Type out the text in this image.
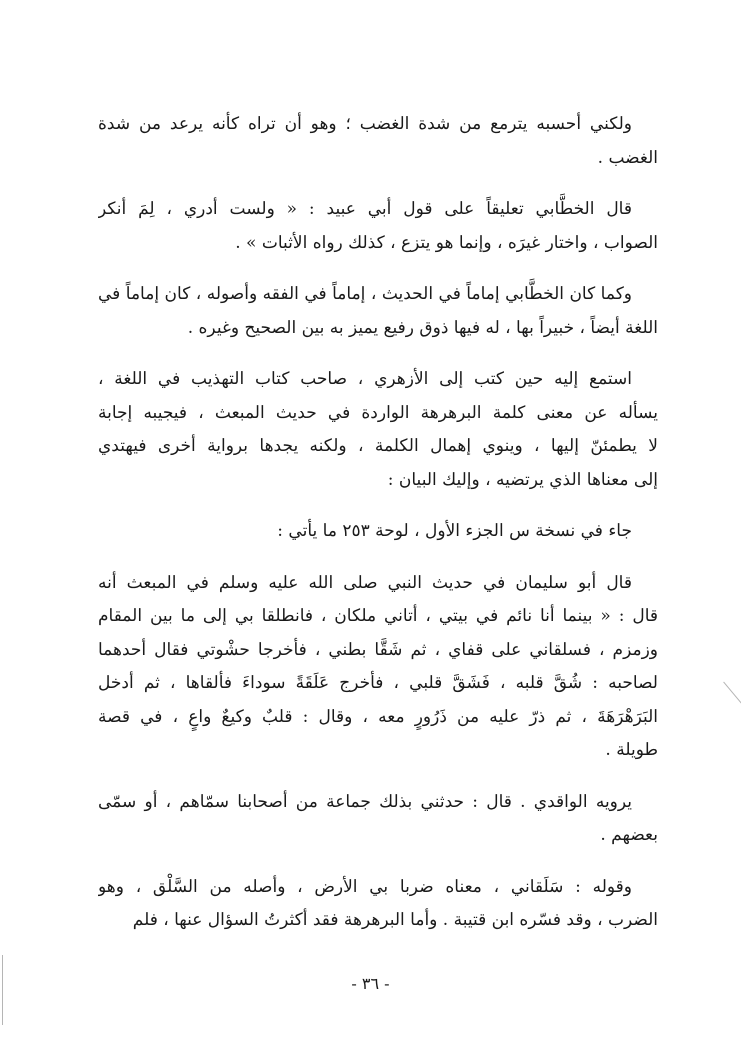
ولكني أحسبه يترمع من شدة الغضب ؛ وهو أن تراه كأنه يرعد من شدة
الغضب .
قال الخطَّابي تعليقاً على قول أبي عبيد : « ولست أدري ، لِمَ أنكر
الصواب ، واختار غيرَه ، وإنما هو يتزع ، كذلك رواه الأثبات » .
وكما كان الخطَّابي إماماً في الحديث ، إماماً في الفقه وأصوله ، كان إماماً في
اللغة أيضاً ، خبيراً بها ، له فيها ذوق رفيع يميز به بين الصحيح وغيره .
استمع إليه حين كتب إلى الأزهري ، صاحب كتاب التهذيب في اللغة ،
يسأله عن معنى كلمة البرهرهة الواردة في حديث المبعث ، فيجيبه إجابة
لا يطمئنّ إليها ، وينوي إهمال الكلمة ، ولكنه يجدها برواية أخرى فيهتدي
إلى معناها الذي يرتضيه ، وإليك البيان :
جاء في نسخة س الجزء الأول ، لوحة ٢٥٣ ما يأتي :
قال أبو سليمان في حديث النبي صلى الله عليه وسلم في المبعث أنه
قال : « بينما أنا نائم في بيتي ، أتاني ملكان ، فانطلقا بي إلى ما بين المقام
وزمزم ، فسلقاني على قفاي ، ثم شَقَّا بطني ، فأخرجا حشْوتي فقال أحدهما
لصاحبه : شُقَّ قلبه ، فَشَقَّ قلبي ، فأخرج عَلَقَةً سوداءَ فألقاها ، ثم أدخل
البَرَهْرَهَةَ ، ثم ذرّ عليه من ذَرُورٍ معه ، وقال : قلبٌ وكيعٌ واعٍ ، في قصة
طويلة .
يرويه الواقدي . قال : حدثني بذلك جماعة من أصحابنا سمّاهم ، أو سمّى
بعضهم .
وقوله : سَلَقاني ، معناه ضربا بي الأرض ، وأصله من السَّلْق ، وهو
الضرب ، وقد فسّره ابن قتيبة . وأما البرهرهة فقد أكثرتُ السؤال عنها ، فلم
- ٣٦ -
